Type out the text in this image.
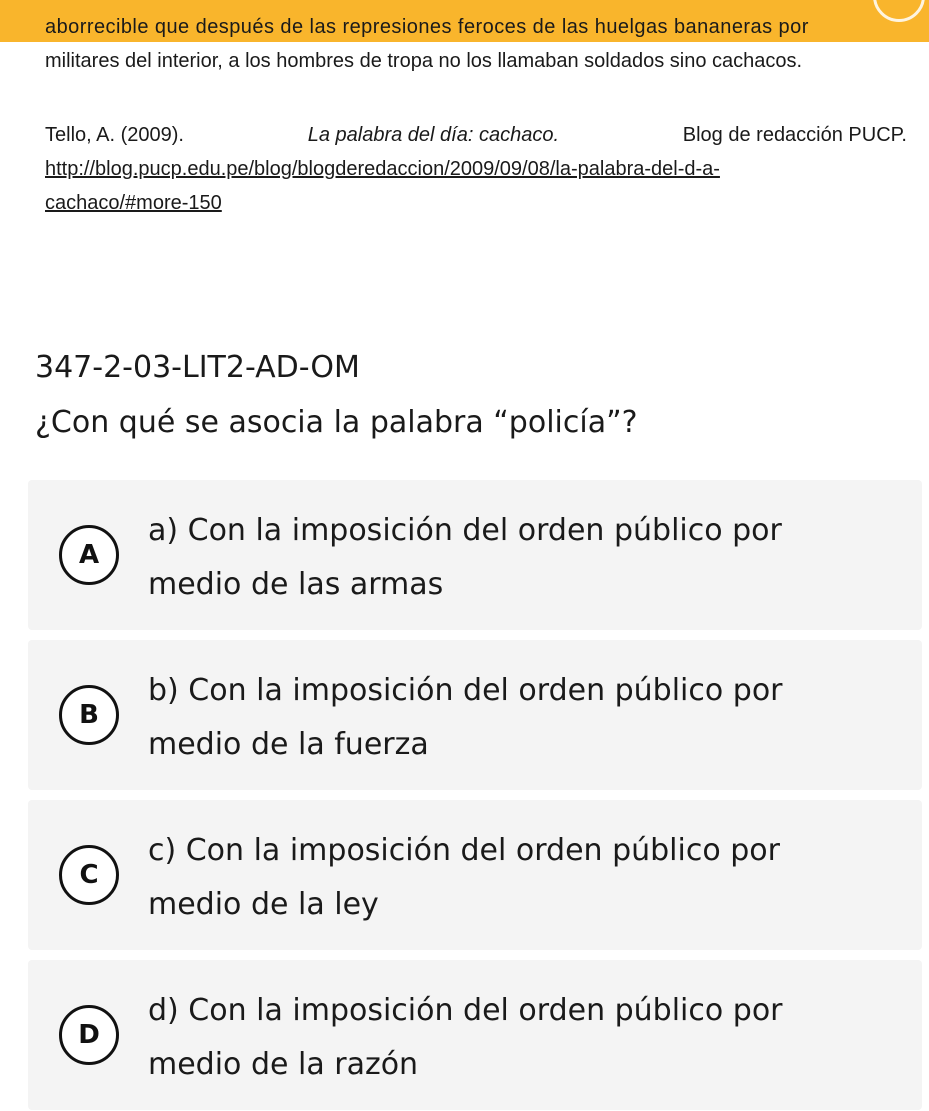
aborrecible que después de las represiones feroces de las huelgas bananeras por
militares del interior, a los hombres de tropa no los llamaban soldados sino cachacos.
Tello, A. (2009).	La palabra del día: cachaco.	Blog de redacción PUCP.
http://blog.pucp.edu.pe/blog/blogderedaccion/2009/09/08/la-palabra-del-d-a-
cachaco/#more-150
347-2-03-LIT2-AD-OM
¿Con qué se asocia la palabra “policía”?
A
a) Con la imposición del orden público por
medio de las armas
B
b) Con la imposición del orden público por
medio de la fuerza
C
c) Con la imposición del orden público por
medio de la ley
D
d) Con la imposición del orden público por
medio de la razón
